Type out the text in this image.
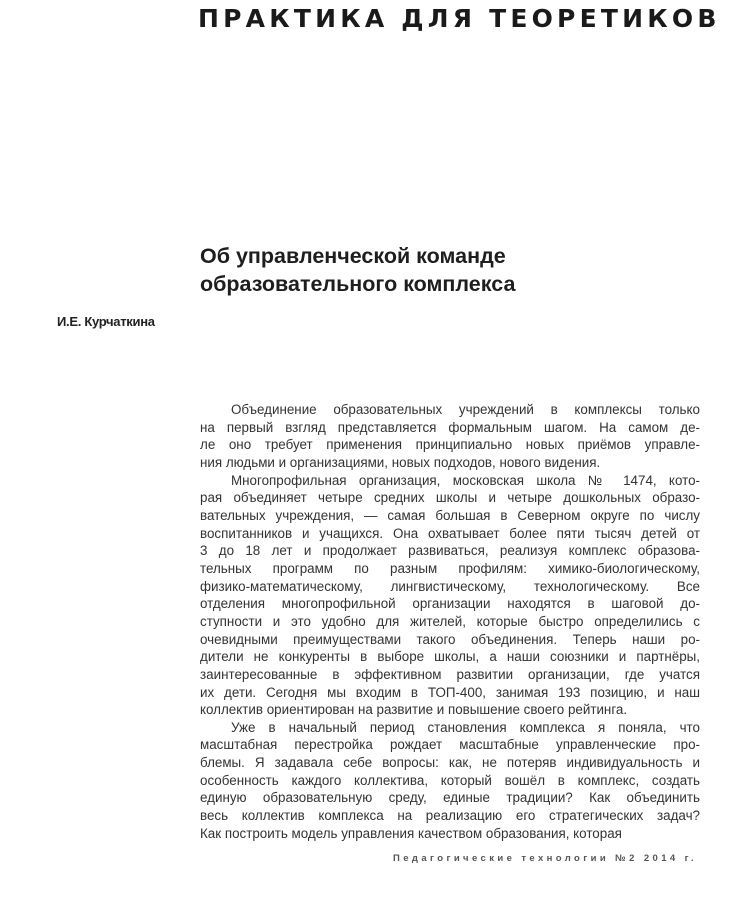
ПРАКТИКА ДЛЯ ТЕОРЕТИКОВ
Об управленческой команде
образовательного комплекса
И.Е. Курчаткина
Объединение образовательных учреждений в комплексы только
на первый взгляд представляется формальным шагом. На самом де-
ле оно требует применения принципиально новых приёмов управле-
ния людьми и организациями, новых подходов, нового видения.
Многопрофильная организация, московская школа № 1474, кото-
рая объединяет четыре средних школы и четыре дошкольных образо-
вательных учреждения, — самая большая в Северном округе по числу
воспитанников и учащихся. Она охватывает более пяти тысяч детей от
3 до 18 лет и продолжает развиваться, реализуя комплекс образова-
тельных программ по разным профилям: химико-биологическому,
физико-математическому, лингвистическому, технологическому. Все
отделения многопрофильной организации находятся в шаговой до-
ступности и это удобно для жителей, которые быстро определились с
очевидными преимуществами такого объединения. Теперь наши ро-
дители не конкуренты в выборе школы, а наши союзники и партнёры,
заинтересованные в эффективном развитии организации, где учатся
их дети. Сегодня мы входим в ТОП-400, занимая 193 позицию, и наш
коллектив ориентирован на развитие и повышение своего рейтинга.
Уже в начальный период становления комплекса я поняла, что
масштабная перестройка рождает масштабные управленческие про-
блемы. Я задавала себе вопросы: как, не потеряв индивидуальность и
особенность каждого коллектива, который вошёл в комплекс, создать
единую образовательную среду, единые традиции? Как объединить
весь коллектив комплекса на реализацию его стратегических задач?
Как построить модель управления качеством образования, которая
Педагогические технологии №2 2014 г.
